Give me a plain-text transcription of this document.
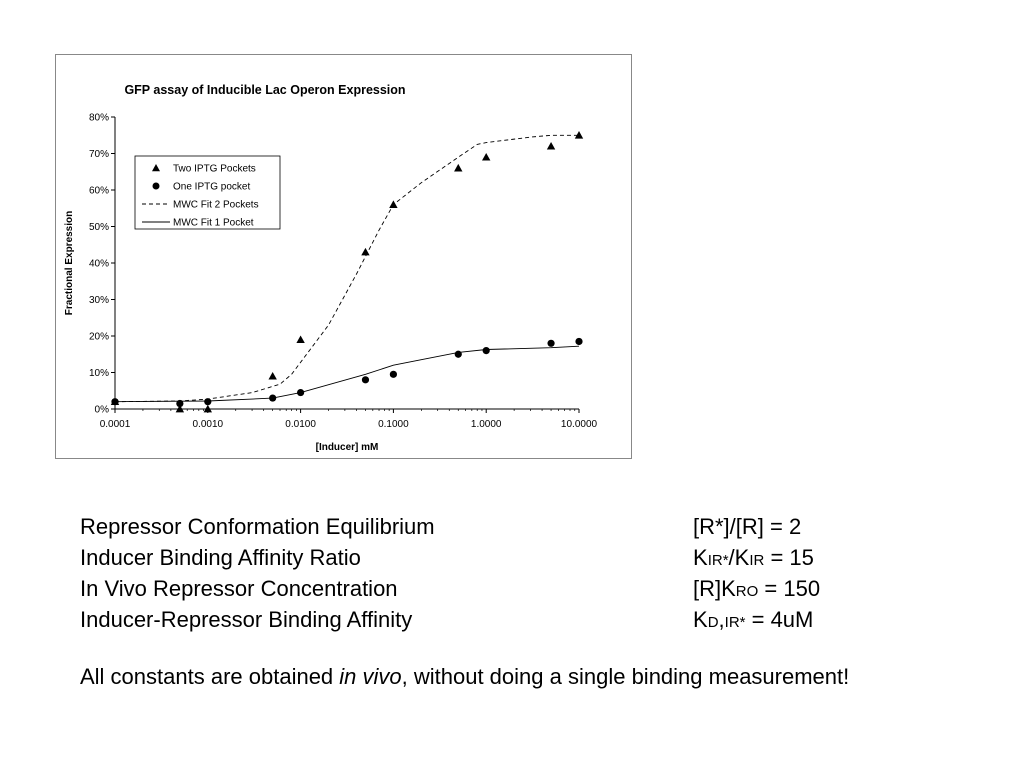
GFP assay of Inducible Lac Operon Expression
Fractional Expression
[Inducer] mM
0%
10%
20%
30%
40%
50%
60%
70%
80%
0.0001	0.0010	0.0100	0.1000	1.0000	10.0000
Two IPTG Pockets
One IPTG pocket
MWC Fit 2 Pockets
MWC Fit 1 Pocket
Repressor Conformation Equilibrium	[R*]/[R] = 2
Inducer Binding Affinity Ratio	KIR*/KIR = 15
In Vivo Repressor Concentration	[R]KRO = 150
Inducer-Repressor Binding Affinity	KD,IR* = 4uM
All constants are obtained in vivo, without doing a single binding measurement!
